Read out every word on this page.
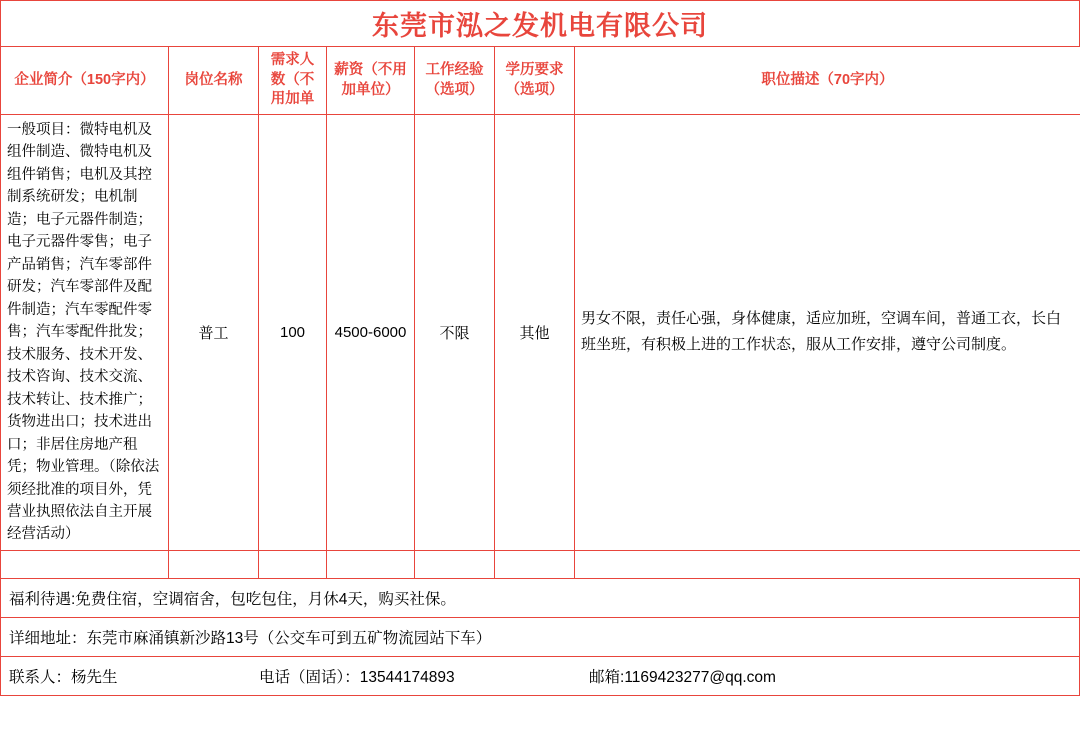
东莞市泓之发机电有限公司
企业简介（150字内）	岗位名称	需求人数（不用加单	薪资（不用加单位）	工作经验（选项）	学历要求（选项）	职位描述（70字内）
一般项目：微特电机及组件制造、微特电机及组件销售；电机及其控制系统研发；电机制造；电子元器件制造；电子元器件零售；电子产品销售；汽车零部件研发；汽车零部件及配件制造；汽车零配件零售；汽车零配件批发；技术服务、技术开发、技术咨询、技术交流、技术转让、技术推广；货物进出口；技术进出口；非居住房地产租凭；物业管理。（除依法须经批准的项目外，凭营业执照依法自主开展经营活动）	普工	100	4500-6000	不限	其他	男女不限，责任心强，身体健康，适应加班，空调车间，普通工衣，长白班坐班，有积极上进的工作状态，服从工作安排，遵守公司制度。

福利待遇:免费住宿，空调宿舍，包吃包住，月休4天，购买社保。
详细地址：东莞市麻涌镇新沙路13号（公交车可到五矿物流园站下车）
联系人：杨先生	电话（固话）：13544174893	邮箱:1169423277@qq.com
